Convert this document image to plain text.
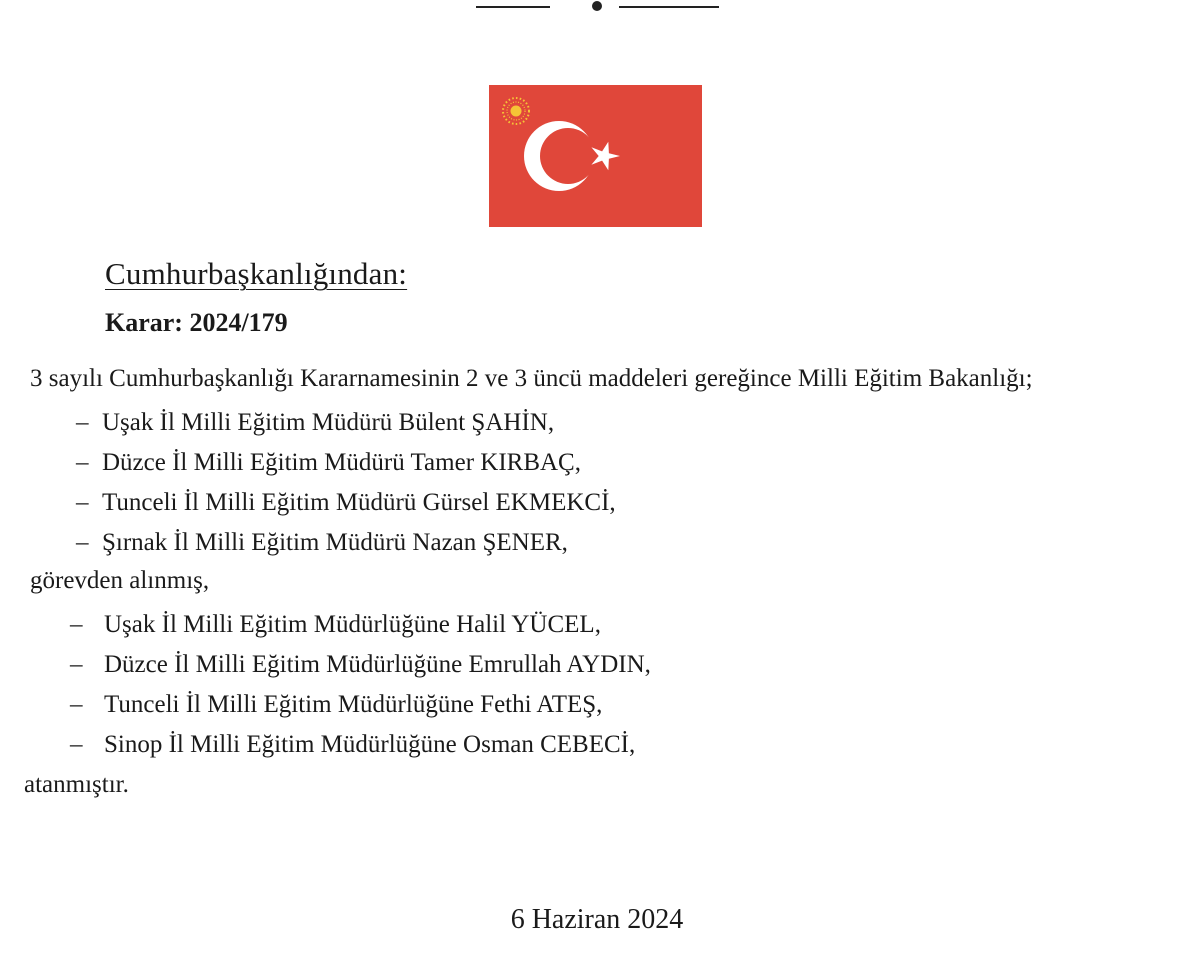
Cumhurbaşkanlığından:
Karar: 2024/179

3 sayılı Cumhurbaşkanlığı Kararnamesinin 2 ve 3 üncü maddeleri gereğince Milli Eğitim Bakanlığı;

– Uşak İl Milli Eğitim Müdürü Bülent ŞAHİN,
– Düzce İl Milli Eğitim Müdürü Tamer KIRBAÇ,
– Tunceli İl Milli Eğitim Müdürü Gürsel EKMEKCİ,
– Şırnak İl Milli Eğitim Müdürü Nazan ŞENER,

görevden alınmış,

– Uşak İl Milli Eğitim Müdürlüğüne Halil YÜCEL,
– Düzce İl Milli Eğitim Müdürlüğüne Emrullah AYDIN,
– Tunceli İl Milli Eğitim Müdürlüğüne Fethi ATEŞ,
– Sinop İl Milli Eğitim Müdürlüğüne Osman CEBECİ,

atanmıştır.

6 Haziran 2024
